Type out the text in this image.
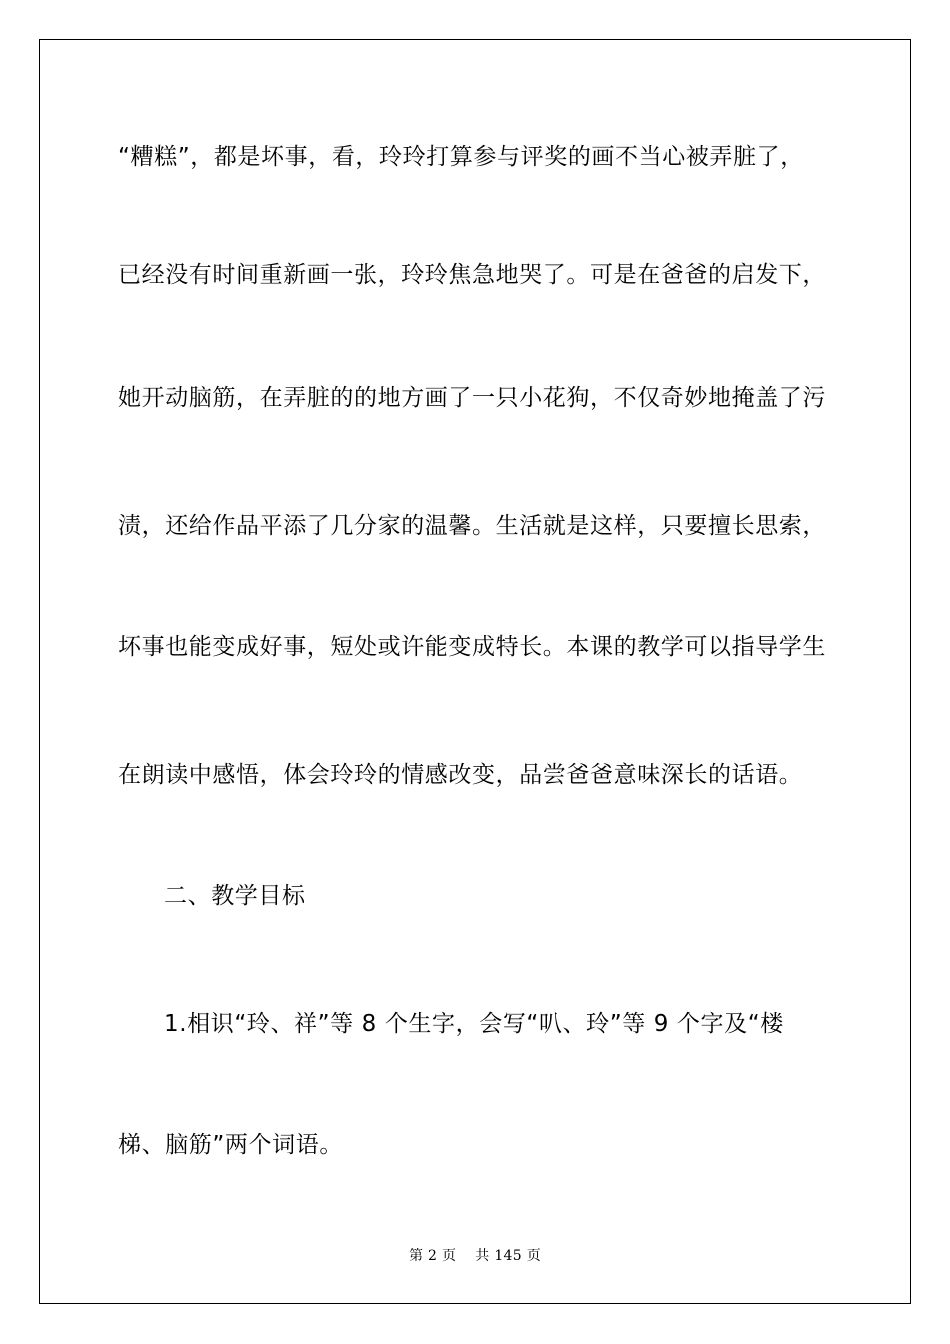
“糟糕”，都是坏事，看，玲玲打算参与评奖的画不当心被弄脏了，
已经没有时间重新画一张，玲玲焦急地哭了。可是在爸爸的启发下，
她开动脑筋，在弄脏的的地方画了一只小花狗，不仅奇妙地掩盖了污
渍，还给作品平添了几分家的温馨。生活就是这样，只要擅长思索，
坏事也能变成好事，短处或许能变成特长。本课的教学可以指导学生
在朗读中感悟，体会玲玲的情感改变，品尝爸爸意味深长的话语。
二、教学目标
1.相识“玲、祥”等 8 个生字，会写“叭、玲”等 9 个字及“楼
梯、脑筋”两个词语。
第 2 页 共 145 页
